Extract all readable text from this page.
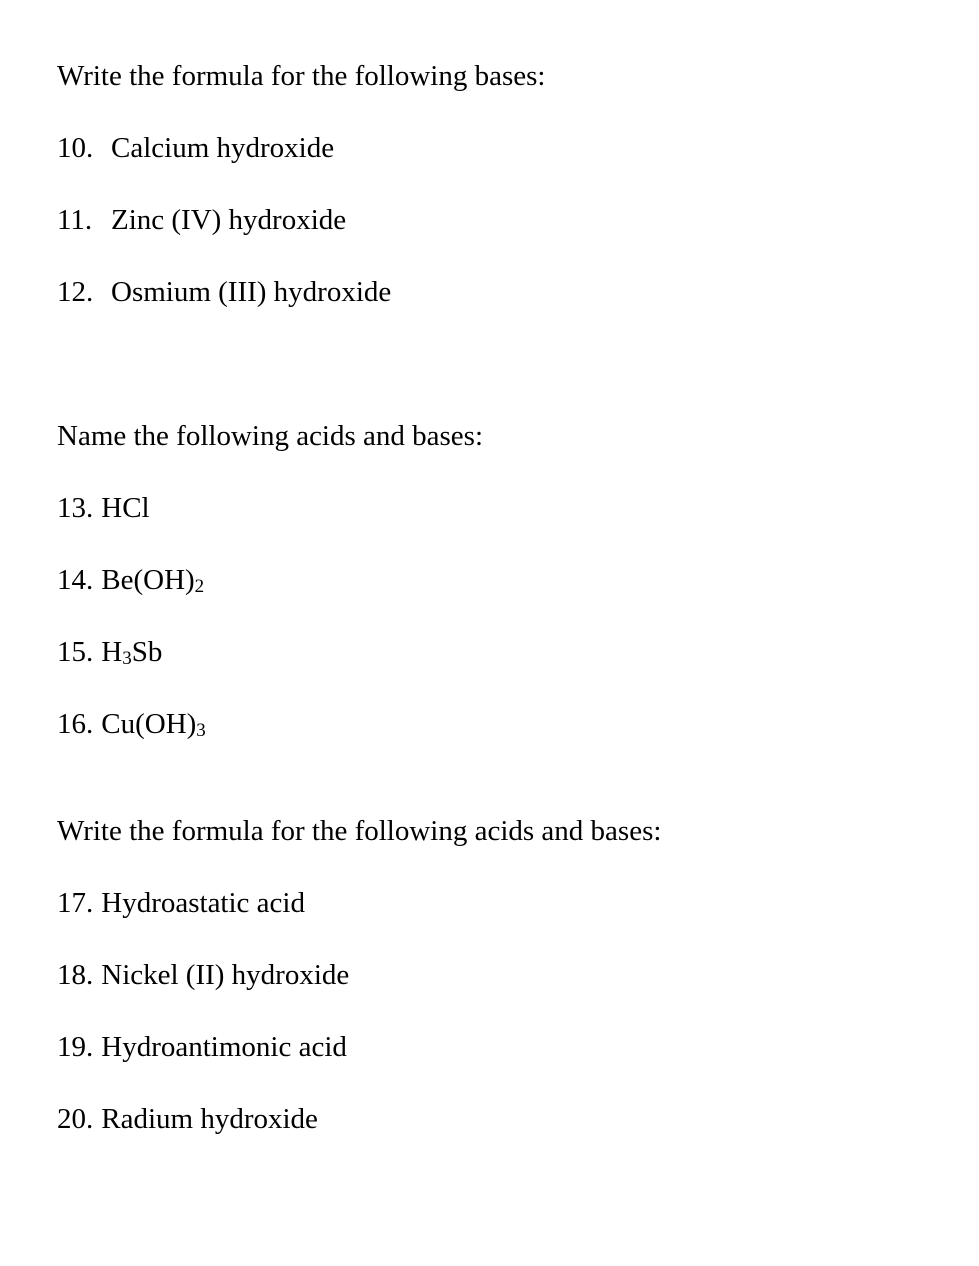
Write the formula for the following bases:
10. Calcium hydroxide
11. Zinc (IV) hydroxide
12. Osmium (III) hydroxide
Name the following acids and bases:
13. HCl
14. $Be(OH)_2$
15. $H_3Sb$
16. $Cu(OH)_3$
Write the formula for the following acids and bases:
17. Hydroastatic acid
18. Nickel (II) hydroxide
19. Hydroantimonic acid
20. Radium hydroxide
